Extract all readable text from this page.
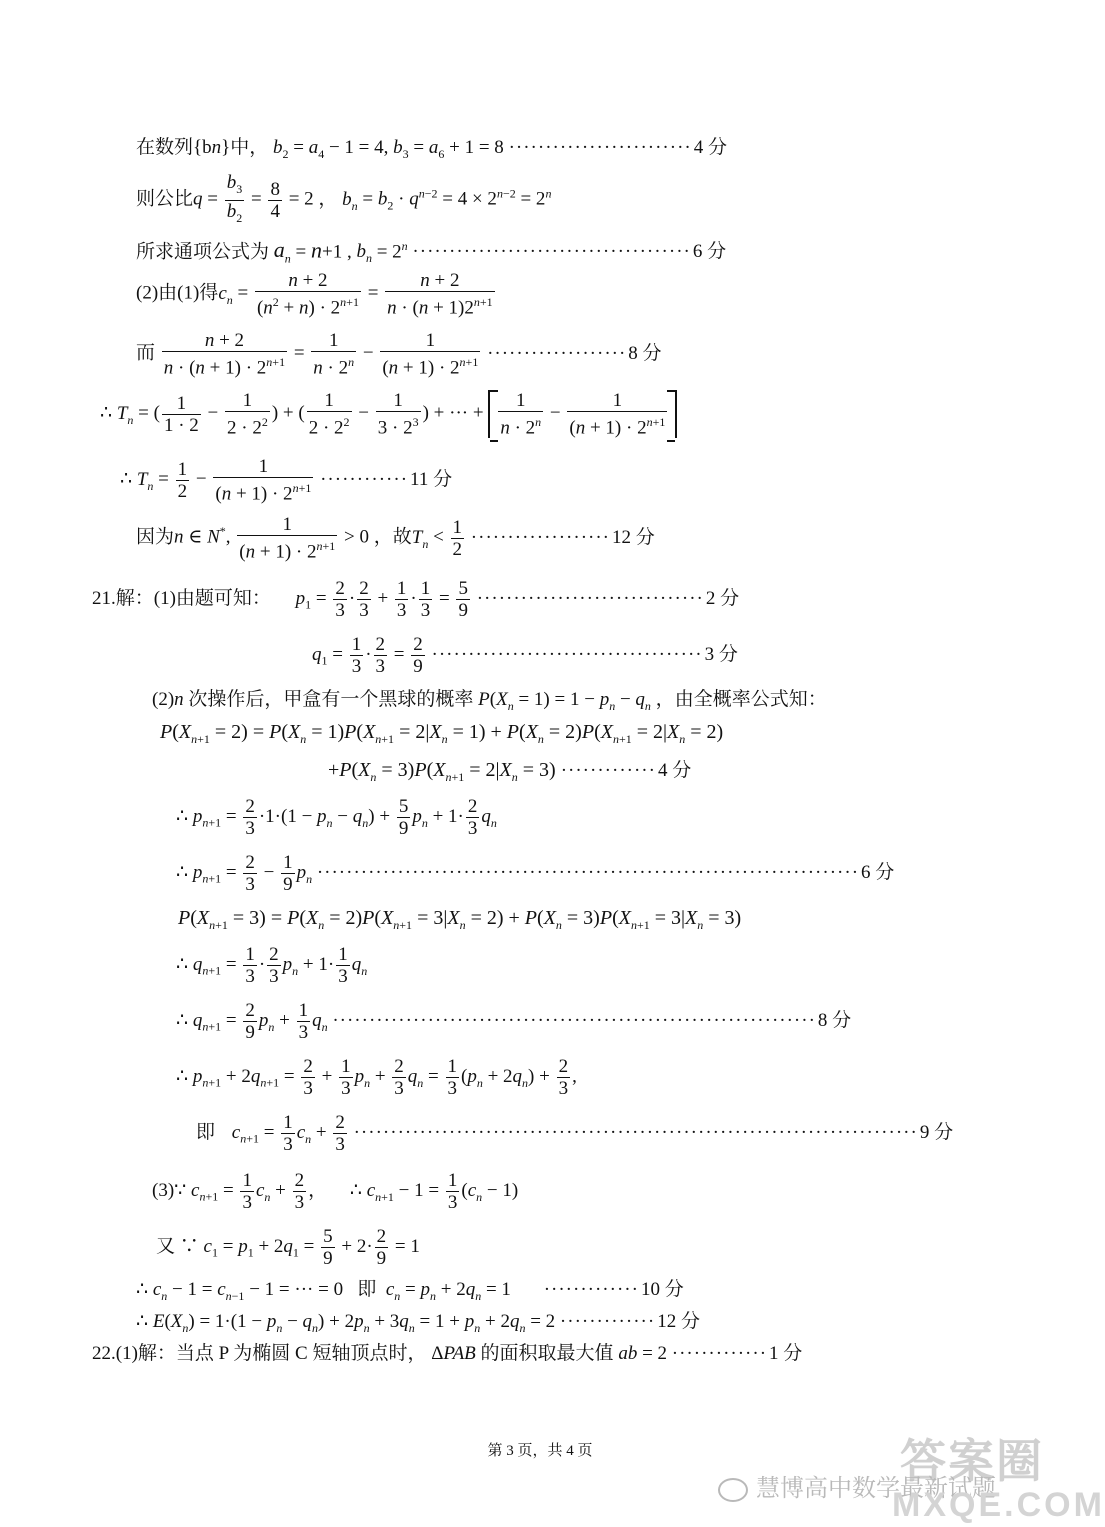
在数列{bn}中， $b_2 = a_4 - 1 = 4$, $b_3 = a_6 + 1 = 8$ ························· 4 分
则公比$q = \frac{b_3}{b_2} = \frac{8}{4} = 2$ ， $b_n = b_2 \cdot q^{n-2} = 4 \times 2^{n-2} = 2^n$
所求通项公式为 $a_n = n+1$ , $b_n = 2^n$ ······································ 6 分
(2)由(1)得$c_n = \frac{n + 2}{(n^2 + n) \cdot 2^{n+1}} = \frac{n + 2}{n \cdot (n + 1)2^{n+1}}$
而 $\frac{n + 2}{n \cdot (n + 1) \cdot 2^{n+1}} = \frac{1}{n \cdot 2^n} - \frac{1}{(n + 1) \cdot 2^{n+1}}$ ··················· 8 分
∴ $T_n$ = ( $\frac{1}{1 \cdot 2} - \frac{1}{2 \cdot 2^2}$ ) + ( $\frac{1}{2 \cdot 2^2} - \frac{1}{3 \cdot 2^3}$ ) + ··· + $\frac{1}{n \cdot 2^n} - \frac{1}{(n + 1) \cdot 2^{n+1}}$
∴ $T_n = \frac{1}{2} - \frac{1}{(n + 1) \cdot 2^{n+1}}$ ············ 11 分
因为n ∈ N*, $\frac{1}{(n + 1) \cdot 2^{n+1}} > 0$ ，故$T_n < \frac{1}{2}$ ··················· 12 分
21.解：(1)由题可知： $p_1 = \frac{2}{3} \cdot \frac{2}{3} + \frac{1}{3} \cdot \frac{1}{3} = \frac{5}{9}$ ······························· 2 分
$q_1 = \frac{1}{3} \cdot \frac{2}{3} = \frac{2}{9}$ ····································· 3 分
(2)n 次操作后，甲盒有一个黑球的概率 $P(X_n = 1) = 1 - p_n - q_n$ ，由全概率公式知：
$P(X_{n+1} = 2) = P(X_n = 1)P(X_{n+1} = 2|X_n = 1) + P(X_n = 2)P(X_{n+1} = 2|X_n = 2)$
$+P(X_n = 3)P(X_{n+1} = 2|X_n = 3)$ ············· 4 分
∴ $p_{n+1} = \frac{2}{3} \cdot 1\cdot(1 - p_n - q_n) + \frac{5}{9} p_n + 1\cdot \frac{2}{3} q_n$
∴ $p_{n+1} = \frac{2}{3} - \frac{1}{9} p_n$ ·········································································· 6 分
$P(X_{n+1} = 3) = P(X_n = 2)P(X_{n+1} = 3|X_n = 2) + P(X_n = 3)P(X_{n+1} = 3|X_n = 3)$
∴ $q_{n+1} = \frac{1}{3} \cdot \frac{2}{3} p_n + 1\cdot \frac{1}{3} q_n$
∴ $q_{n+1} = \frac{2}{9} p_n + \frac{1}{3} q_n$ ·································································· 8 分
∴ $p_{n+1} + 2q_{n+1} = \frac{2}{3} + \frac{1}{3} p_n + \frac{2}{3} q_n = \frac{1}{3} (p_n + 2q_n) + \frac{2}{3}$ ,
即 $c_{n+1} = \frac{1}{3} c_n + \frac{2}{3}$ ············································································· 9 分
(3)∵ $c_{n+1} = \frac{1}{3} c_n + \frac{2}{3}$ ， ∴ $c_{n+1} - 1 = \frac{1}{3} (c_n - 1)$
又 ∵ $c_1 = p_1 + 2q_1 = \frac{5}{9} + 2\cdot \frac{2}{9} = 1$
∴ $c_n - 1 = c_{n-1} - 1$ = ··· = 0   即 $c_n = p_n + 2q_n = 1$ ············· 10 分
∴ $E(X_n) = 1\cdot(1 - p_n - q_n) + 2p_n + 3q_n = 1 + p_n + 2q_n = 2$ ············· 12 分
22.(1)解：当点 P 为椭圆 C 短轴顶点时， ΔPAB 的面积取最大值 ab = 2 ············· 1 分
第 3 页，共 4 页	答案圈
慧博高中数学最新试题
MXQE.COM
